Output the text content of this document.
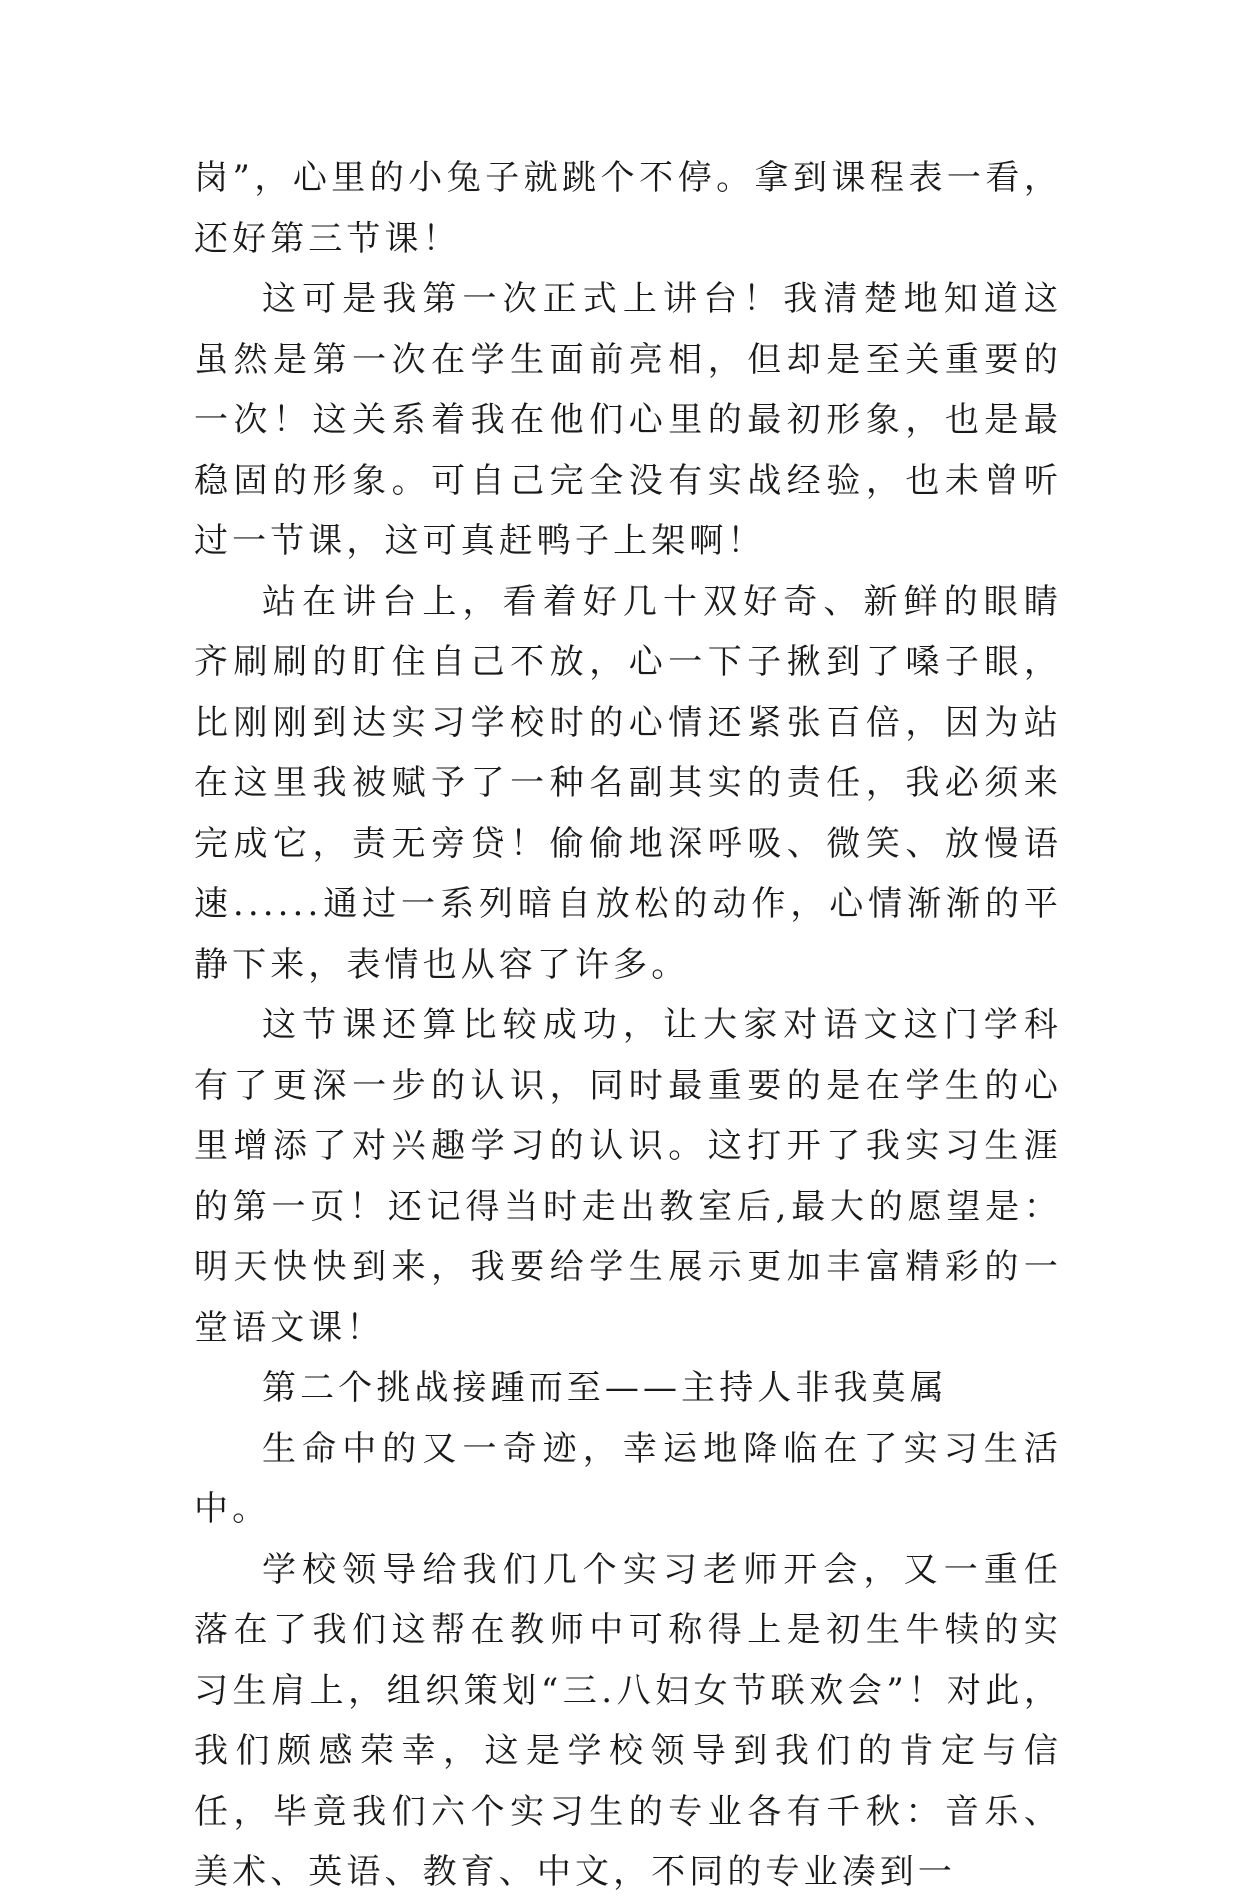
岗”，心里的小兔子就跳个不停。拿到课程表一看，还好第三节课！

这可是我第一次正式上讲台！我清楚地知道这虽然是第一次在学生面前亮相，但却是至关重要的一次！这关系着我在他们心里的最初形象，也是最稳固的形象。可自己完全没有实战经验，也未曾听过一节课，这可真赶鸭子上架啊！

站在讲台上，看着好几十双好奇、新鲜的眼睛齐刷刷的盯住自己不放，心一下子揪到了嗓子眼，比刚刚到达实习学校时的心情还紧张百倍，因为站在这里我被赋予了一种名副其实的责任，我必须来完成它，责无旁贷！偷偷地深呼吸、微笑、放慢语速......通过一系列暗自放松的动作，心情渐渐的平静下来，表情也从容了许多。

这节课还算比较成功，让大家对语文这门学科有了更深一步的认识，同时最重要的是在学生的心里增添了对兴趣学习的认识。这打开了我实习生涯的第一页！还记得当时走出教室后,最大的愿望是：明天快快到来，我要给学生展示更加丰富精彩的一堂语文课！

第二个挑战接踵而至——主持人非我莫属

生命中的又一奇迹，幸运地降临在了实习生活中。

学校领导给我们几个实习老师开会，又一重任落在了我们这帮在教师中可称得上是初生牛犊的实习生肩上，组织策划“三.八妇女节联欢会”！对此，我们颇感荣幸，这是学校领导到我们的肯定与信任，毕竟我们六个实习生的专业各有千秋：音乐、美术、英语、教育、中文，不同的专业凑到一
